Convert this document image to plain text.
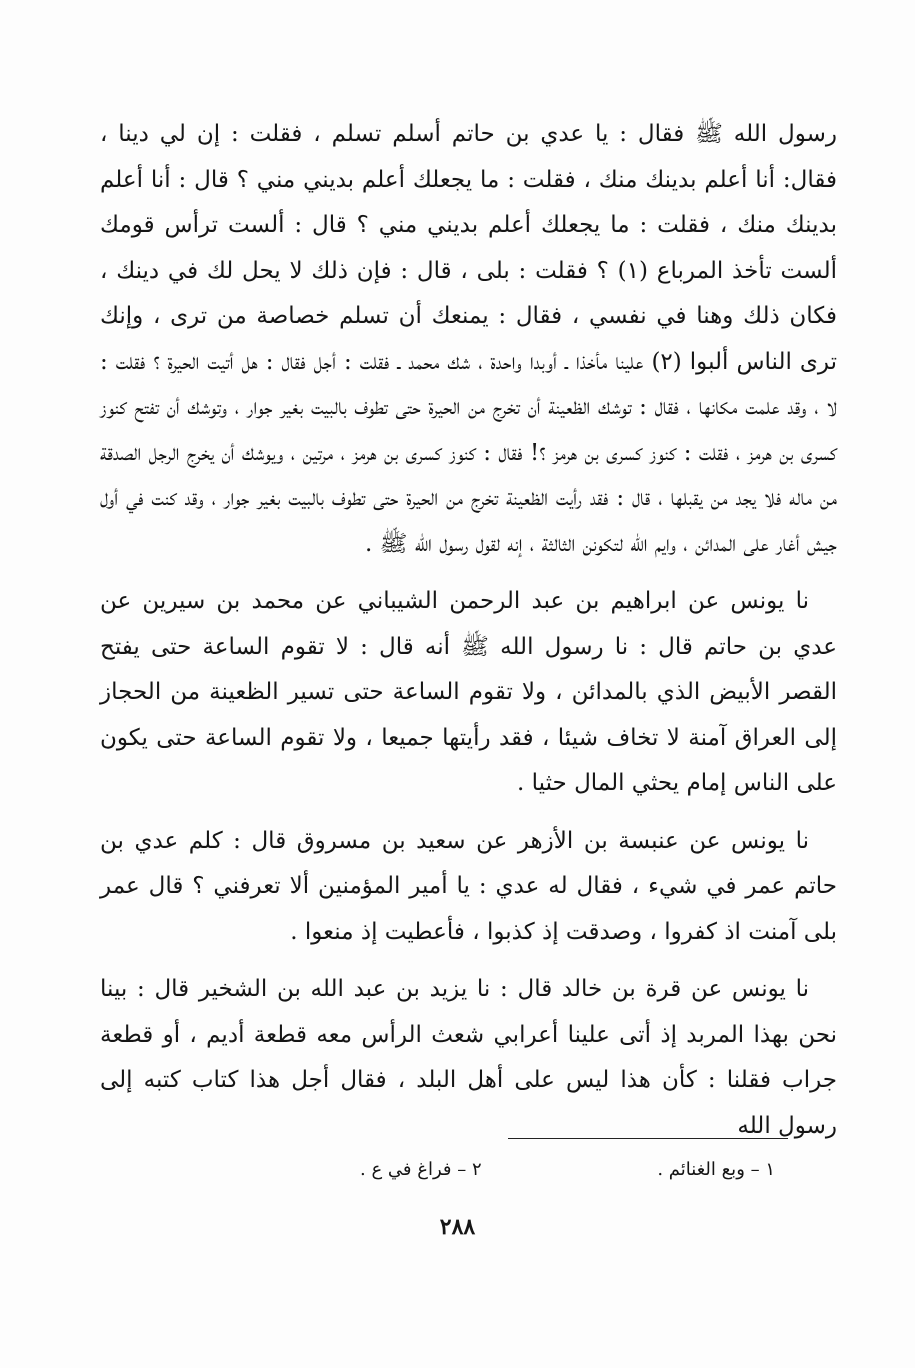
رسول الله ﷺ فقال : يا عدي بن حاتم أسلم تسلم ، فقلت : إن لي دينا ، فقال: أنا أعلم بدينك منك ، فقلت : ما يجعلك أعلم بديني مني ؟ قال : أنا أعلم بدينك منك ، فقلت : ما يجعلك أعلم بديني مني ؟ قال : ألست ترأس قومك ألست تأخذ المرباع (١) ؟ فقلت : بلى ، قال : فإن ذلك لا يحل لك في دينك ، فكان ذلك وهنا في نفسي ، فقال : يمنعك أن تسلم خصاصة من ترى ، وإنك ترى الناس ألبوا (٢) علينا مأخذا ـ أوبدا واحدة ، شك محمد ـ فقلت : أجل فقال : هل أتيت الحيرة ؟ فقلت : لا ، وقد علمت مكانها ، فقال : توشك الظعينة أن تخرج من الحيرة حتى تطوف بالبيت بغير جوار ، وتوشك أن تفتح كنوز كسرى بن هرمز ، فقلت : كنوز كسرى بن هرمز ؟! فقال : كنوز كسرى بن هرمز ، مرتين ، ويوشك أن يخرج الرجل الصدقة من ماله فلا يجد من يقبلها ، قال : فقد رأيت الظعينة تخرج من الحيرة حتى تطوف بالبيت بغير جوار ، وقد كنت في أول جيش أغار على المدائن ، وايم الله لتكونن الثالثة ، إنه لقول رسول الله ﷺ .

نا يونس عن ابراهيم بن عبد الرحمن الشيباني عن محمد بن سيرين عن عدي بن حاتم قال : نا رسول الله ﷺ أنه قال : لا تقوم الساعة حتى يفتح القصر الأبيض الذي بالمدائن ، ولا تقوم الساعة حتى تسير الظعينة من الحجاز إلى العراق آمنة لا تخاف شيئا ، فقد رأيتها جميعا ، ولا تقوم الساعة حتى يكون على الناس إمام يحثي المال حثيا .

نا يونس عن عنبسة بن الأزهر عن سعيد بن مسروق قال : كلم عدي بن حاتم عمر في شيء ، فقال له عدي : يا أمير المؤمنين ألا تعرفني ؟ قال عمر بلى آمنت اذ كفروا ، وصدقت إذ كذبوا ، فأعطيت إذ منعوا .

نا يونس عن قرة بن خالد قال : نا يزيد بن عبد الله بن الشخير قال : بينا نحن بهذا المربد إذ أتى علينا أعرابي شعث الرأس معه قطعة أديم ، أو قطعة جراب فقلنا : كأن هذا ليس على أهل البلد ، فقال أجل هذا كتاب كتبه إلى رسول الله

١ – وبع الغنائم .
٢ – فراغ في ع .
٢٨٨
